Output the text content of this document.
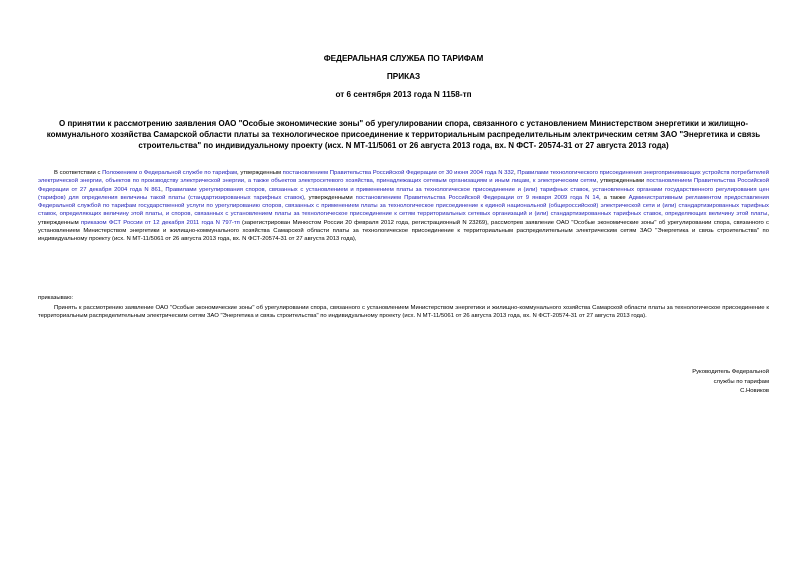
ФЕДЕРАЛЬНАЯ СЛУЖБА ПО ТАРИФАМ
ПРИКАЗ
от 6 сентября 2013 года N 1158-тп
О принятии к рассмотрению заявления ОАО "Особые экономические зоны" об урегулировании спора, связанного с установлением Министерством энергетики и жилищно-коммунального хозяйства Самарской области платы за технологическое присоединение к территориальным распределительным электрическим сетям ЗАО "Энергетика и связь строительства" по индивидуальному проекту (исх. N МТ-11/5061 от 26 августа 2013 года, вх. N ФСТ- 20574-31 от 27 августа 2013 года)

В соответствии с Положением о Федеральной службе по тарифам, утвержденным постановлением Правительства Российской Федерации от 30 июня 2004 года N 332, Правилами технологического присоединения энергопринимающих устройств потребителей электрической энергии, объектов по производству электрической энергии, а также объектов электросетевого хозяйства, принадлежащих сетевым организациям и иным лицам, к электрическим сетям, утвержденными постановлением Правительства Российской Федерации от 27 декабря 2004 года N 861, Правилами урегулирования споров, связанных с установлением и применением платы за технологическое присоединение и (или) тарифных ставок, установленных органами государственного регулирования цен (тарифов) для определения величины такой платы (стандартизированных тарифных ставок), утвержденными постановлением Правительства Российской Федерации от 9 января 2009 года N 14, а также Административным регламентом предоставления Федеральной службой по тарифам государственной услуги по урегулированию споров, связанных с применением платы за технологическое присоединение к единой национальной (общероссийской) электрической сети и (или) стандартизированных тарифных ставок, определяющих величину этой платы, и споров, связанных с установлением платы за технологическое присоединение к сетям территориальных сетевых организаций и (или) стандартизированных тарифных ставок, определяющих величину этой платы, утвержденным приказом ФСТ России от 12 декабря 2011 года N 797-тп (зарегистрирован Минюстом России 20 февраля 2012 года, регистрационный N 23269), рассмотрев заявление ОАО "Особые экономические зоны" об урегулировании спора, связанного с установлением Министерством энергетики и жилищно-коммунального хозяйства Самарской области платы за технологическое присоединение к территориальным распределительным электрическим сетям ЗАО "Энергетика и связь строительства" по индивидуальному проекту (исх. N МТ-11/5061 от 26 августа 2013 года, вх. N ФСТ-20574-31 от 27 августа 2013 года),

приказываю:

Принять к рассмотрению заявление ОАО "Особые экономические зоны" об урегулировании спора, связанного с установлением Министерством энергетики и жилищно-коммунального хозяйства Самарской области платы за технологическое присоединение к территориальным распределительным электрическим сетям ЗАО "Энергетика и связь строительства" по индивидуальному проекту (исх. N МТ-11/5061 от 26 августа 2013 года, вх. N ФСТ-20574-31 от 27 августа 2013 года).

Руководитель Федеральной
службы по тарифам
С.Новиков
